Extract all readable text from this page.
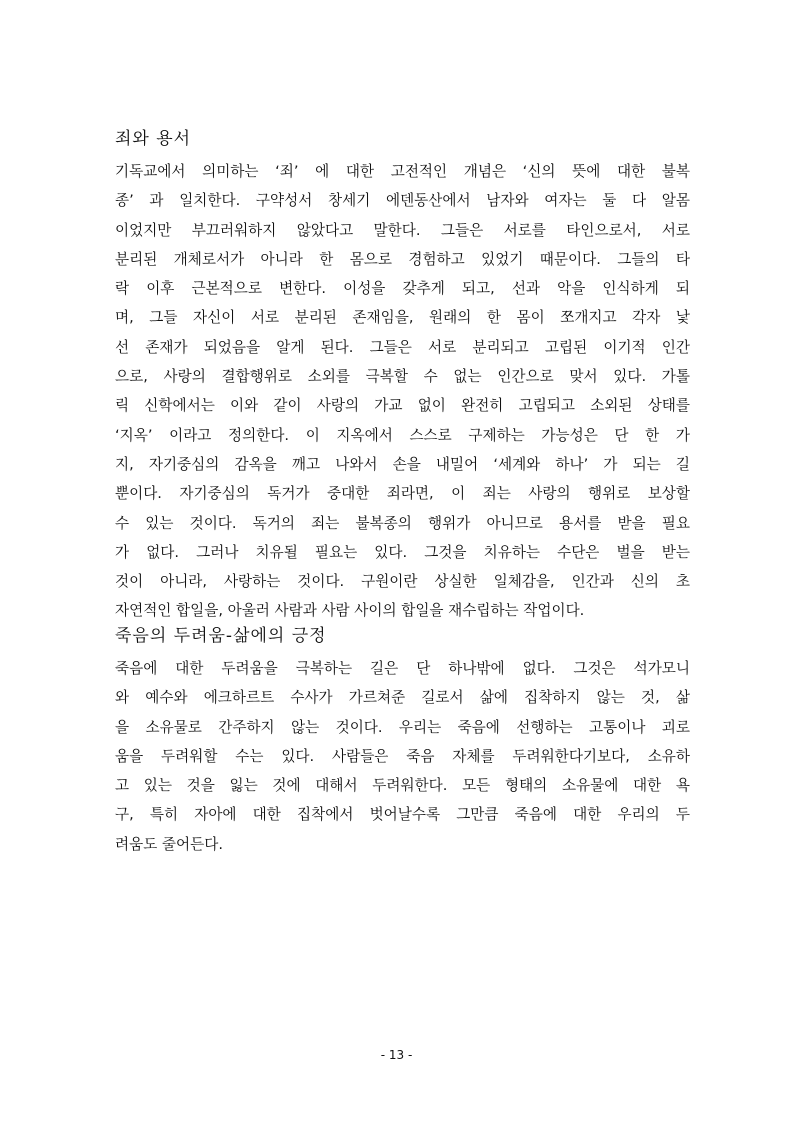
죄와 용서
기독교에서 의미하는 ‘죄’ 에 대한 고전적인 개념은 ‘신의 뜻에 대한 불복
종’ 과 일치한다. 구약성서 창세기 에덴동산에서 남자와 여자는 둘 다 알몸
이었지만 부끄러워하지 않았다고 말한다. 그들은 서로를 타인으로서, 서로
분리된 개체로서가 아니라 한 몸으로 경험하고 있었기 때문이다. 그들의 타
락 이후 근본적으로 변한다. 이성을 갖추게 되고, 선과 악을 인식하게 되
며, 그들 자신이 서로 분리된 존재임을, 원래의 한 몸이 쪼개지고 각자 낯
선 존재가 되었음을 알게 된다. 그들은 서로 분리되고 고립된 이기적 인간
으로, 사랑의 결합행위로 소외를 극복할 수 없는 인간으로 맞서 있다. 가톨
릭 신학에서는 이와 같이 사랑의 가교 없이 완전히 고립되고 소외된 상태를
‘지옥’ 이라고 정의한다. 이 지옥에서 스스로 구제하는 가능성은 단 한 가
지, 자기중심의 감옥을 깨고 나와서 손을 내밀어 ‘세계와 하나’ 가 되는 길
뿐이다. 자기중심의 독거가 중대한 죄라면, 이 죄는 사랑의 행위로 보상할
수 있는 것이다. 독거의 죄는 불복종의 행위가 아니므로 용서를 받을 필요
가 없다. 그러나 치유될 필요는 있다. 그것을 치유하는 수단은 벌을 받는
것이 아니라, 사랑하는 것이다. 구원이란 상실한 일체감을, 인간과 신의 초
자연적인 합일을, 아울러 사람과 사람 사이의 합일을 재수립하는 작업이다.
죽음의 두려움-삶에의 긍정
죽음에 대한 두려움을 극복하는 길은 단 하나밖에 없다. 그것은 석가모니
와 예수와 에크하르트 수사가 가르쳐준 길로서 삶에 집착하지 않는 것, 삶
을 소유물로 간주하지 않는 것이다. 우리는 죽음에 선행하는 고통이나 괴로
움을 두려워할 수는 있다. 사람들은 죽음 자체를 두려워한다기보다, 소유하
고 있는 것을 잃는 것에 대해서 두려워한다. 모든 형태의 소유물에 대한 욕
구, 특히 자아에 대한 집착에서 벗어날수록 그만큼 죽음에 대한 우리의 두
려움도 줄어든다.
- 13 -
